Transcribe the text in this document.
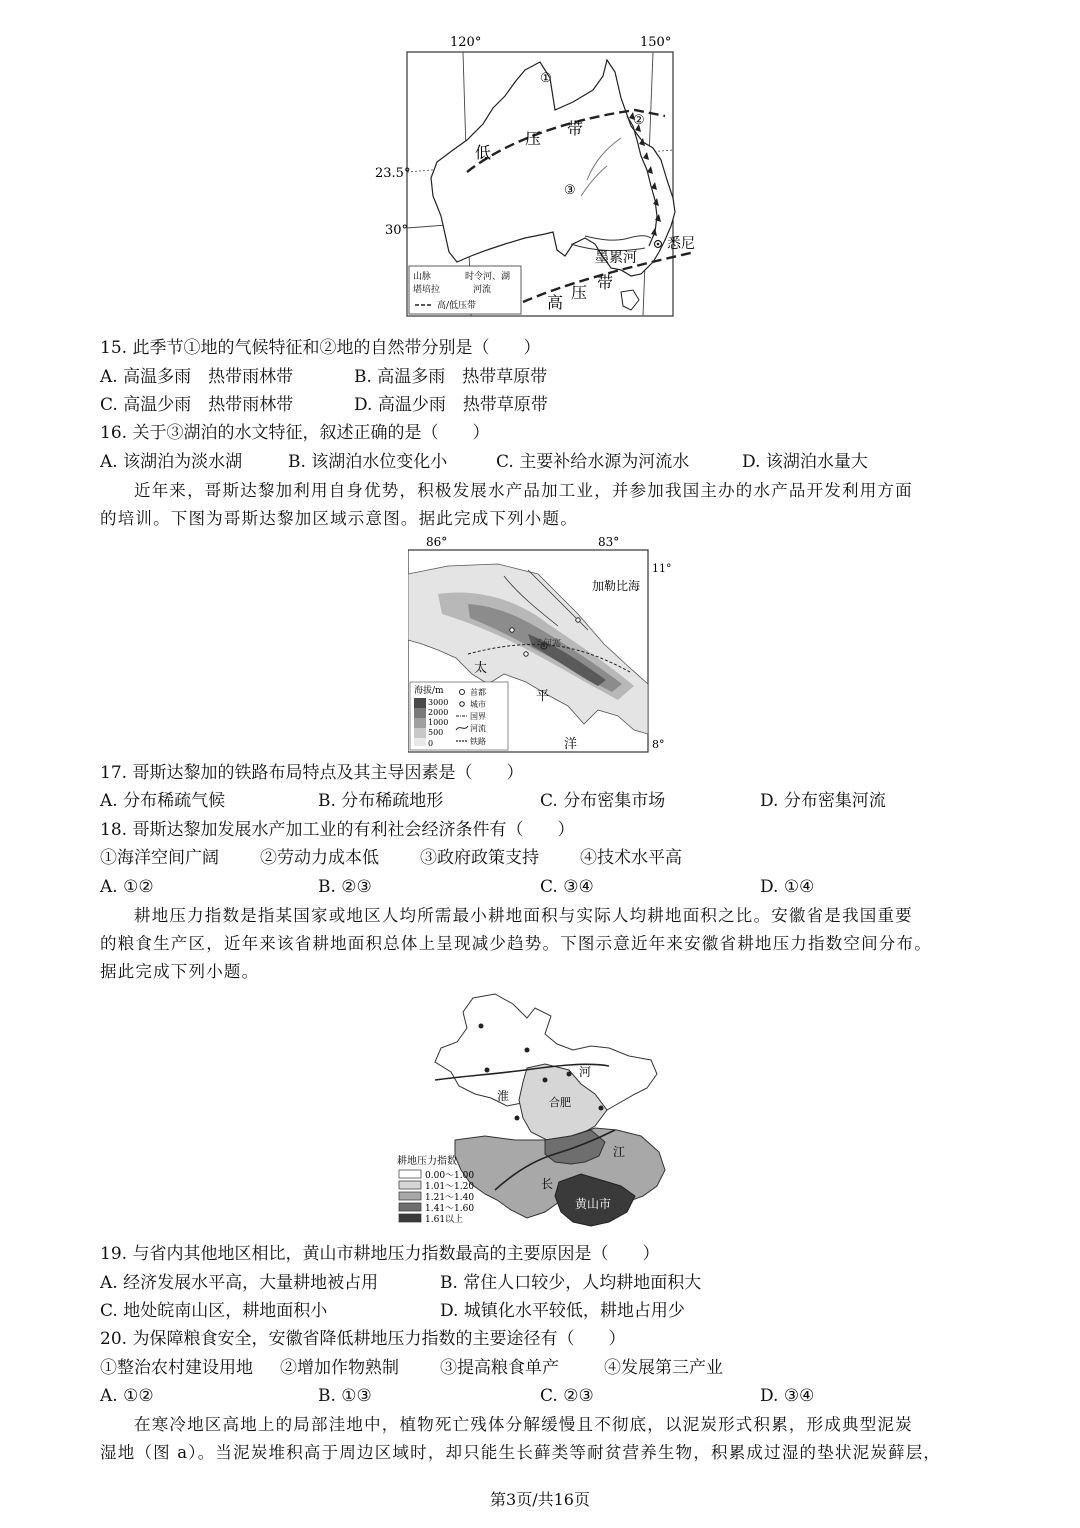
120°	150°
23.5°
30°
①
②
③
低
压
带
高
压
带
悉尼
墨累河
山脉	时令河、湖
堪培拉	河流
高/低压带
15. 此季节①地的气候特征和②地的自然带分别是（　　）
A. 高温多雨　热带雨林带	B. 高温多雨　热带草原带
C. 高温少雨　热带雨林带	D. 高温少雨　热带草原带
16. 关于③湖泊的水文特征，叙述正确的是（　　）
A. 该湖泊为淡水湖	B. 该湖泊水位变化小	C. 主要补给水源为河流水	D. 该湖泊水量大
近年来，哥斯达黎加利用自身优势，积极发展水产品加工业，并参加我国主办的水产品开发利用方面
的培训。下图为哥斯达黎加区域示意图。据此完成下列小题。
86°	83°
11°
8°
圣何塞
加勒比海
太
平
洋
海拔/m
3000
2000
1000
500
0
首都
城市
国界
河流
铁路
17. 哥斯达黎加的铁路布局特点及其主导因素是（　　）
A. 分布稀疏气候	B. 分布稀疏地形	C. 分布密集市场	D. 分布密集河流
18. 哥斯达黎加发展水产加工业的有利社会经济条件有（　　）
①海洋空间广阔 ②劳动力成本低 ③政府政策支持 ④技术水平高
A. ①②	B. ②③	C. ③④	D. ①④
耕地压力指数是指某国家或地区人均所需最小耕地面积与实际人均耕地面积之比。安徽省是我国重要
的粮食生产区，近年来该省耕地面积总体上呈现减少趋势。下图示意近年来安徽省耕地压力指数空间分布。
据此完成下列小题。
淮
河
合肥
江
长
黄山市
耕地压力指数
0.00～1.00
1.01～1.20
1.21～1.40
1.41～1.60
1.61以上
19. 与省内其他地区相比，黄山市耕地压力指数最高的主要原因是（　　）
A. 经济发展水平高，大量耕地被占用	B. 常住人口较少，人均耕地面积大
C. 地处皖南山区，耕地面积小	D. 城镇化水平较低，耕地占用少
20. 为保障粮食安全，安徽省降低耕地压力指数的主要途径有（　　）
①整治农村建设用地 ②增加作物熟制 ③提高粮食单产	④发展第三产业
A. ①②	B. ①③	C. ②③	D. ③④
在寒冷地区高地上的局部洼地中，植物死亡残体分解缓慢且不彻底，以泥炭形式积累，形成典型泥炭
湿地（图 a）。当泥炭堆积高于周边区域时，却只能生长藓类等耐贫营养生物，积累成过湿的垫状泥炭藓层，
第3页/共16页
